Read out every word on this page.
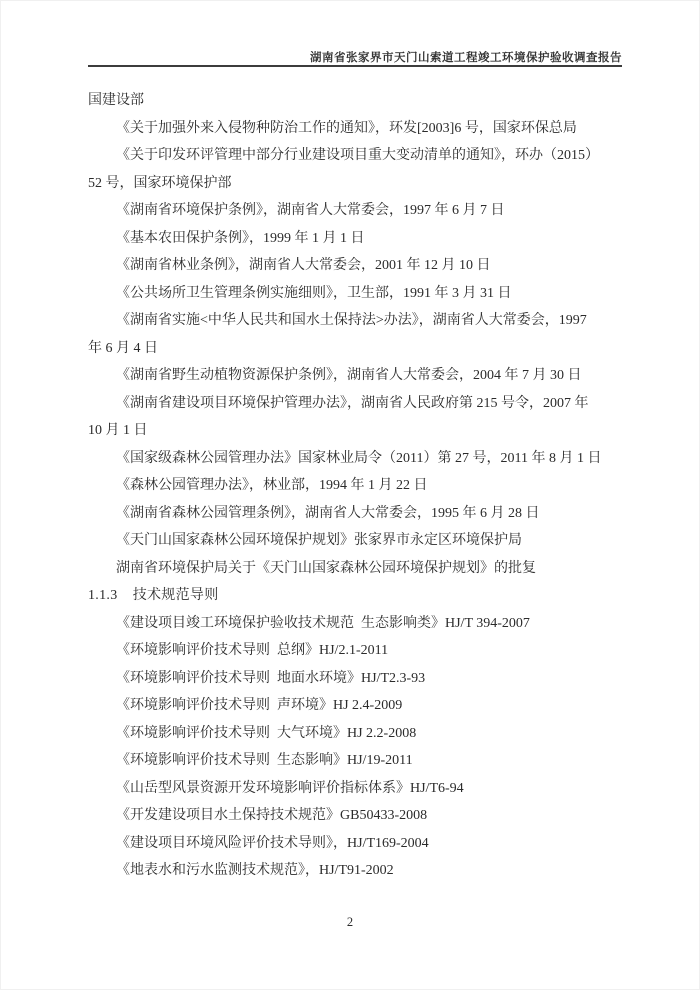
湖南省张家界市天门山索道工程竣工环境保护验收调查报告
国建设部
《关于加强外来入侵物种防治工作的通知》，环发[2003]6 号，国家环保总局
《关于印发环评管理中部分行业建设项目重大变动清单的通知》，环办（2015）
52 号，国家环境保护部
《湖南省环境保护条例》，湖南省人大常委会，1997 年 6 月 7 日
《基本农田保护条例》，1999 年 1 月 1 日
《湖南省林业条例》，湖南省人大常委会，2001 年 12 月 10 日
《公共场所卫生管理条例实施细则》，卫生部，1991 年 3 月 31 日
《湖南省实施<中华人民共和国水土保持法>办法》，湖南省人大常委会，1997
年 6 月 4 日
《湖南省野生动植物资源保护条例》，湖南省人大常委会，2004 年 7 月 30 日
《湖南省建设项目环境保护管理办法》，湖南省人民政府第 215 号令，2007 年
10 月 1 日
《国家级森林公园管理办法》国家林业局令（2011）第 27 号，2011 年 8 月 1 日
《森林公园管理办法》，林业部，1994 年 1 月 22 日
《湖南省森林公园管理条例》，湖南省人大常委会，1995 年 6 月 28 日
《天门山国家森林公园环境保护规划》张家界市永定区环境保护局
湖南省环境保护局关于《天门山国家森林公园环境保护规划》的批复
1.1.3    技术规范导则
《建设项目竣工环境保护验收技术规范  生态影响类》HJ/T 394-2007
《环境影响评价技术导则  总纲》HJ/2.1-2011
《环境影响评价技术导则  地面水环境》HJ/T2.3-93
《环境影响评价技术导则  声环境》HJ 2.4-2009
《环境影响评价技术导则  大气环境》HJ 2.2-2008
《环境影响评价技术导则  生态影响》HJ/19-2011
《山岳型风景资源开发环境影响评价指标体系》HJ/T6-94
《开发建设项目水土保持技术规范》GB50433-2008
《建设项目环境风险评价技术导则》，HJ/T169-2004
《地表水和污水监测技术规范》，HJ/T91-2002
2
